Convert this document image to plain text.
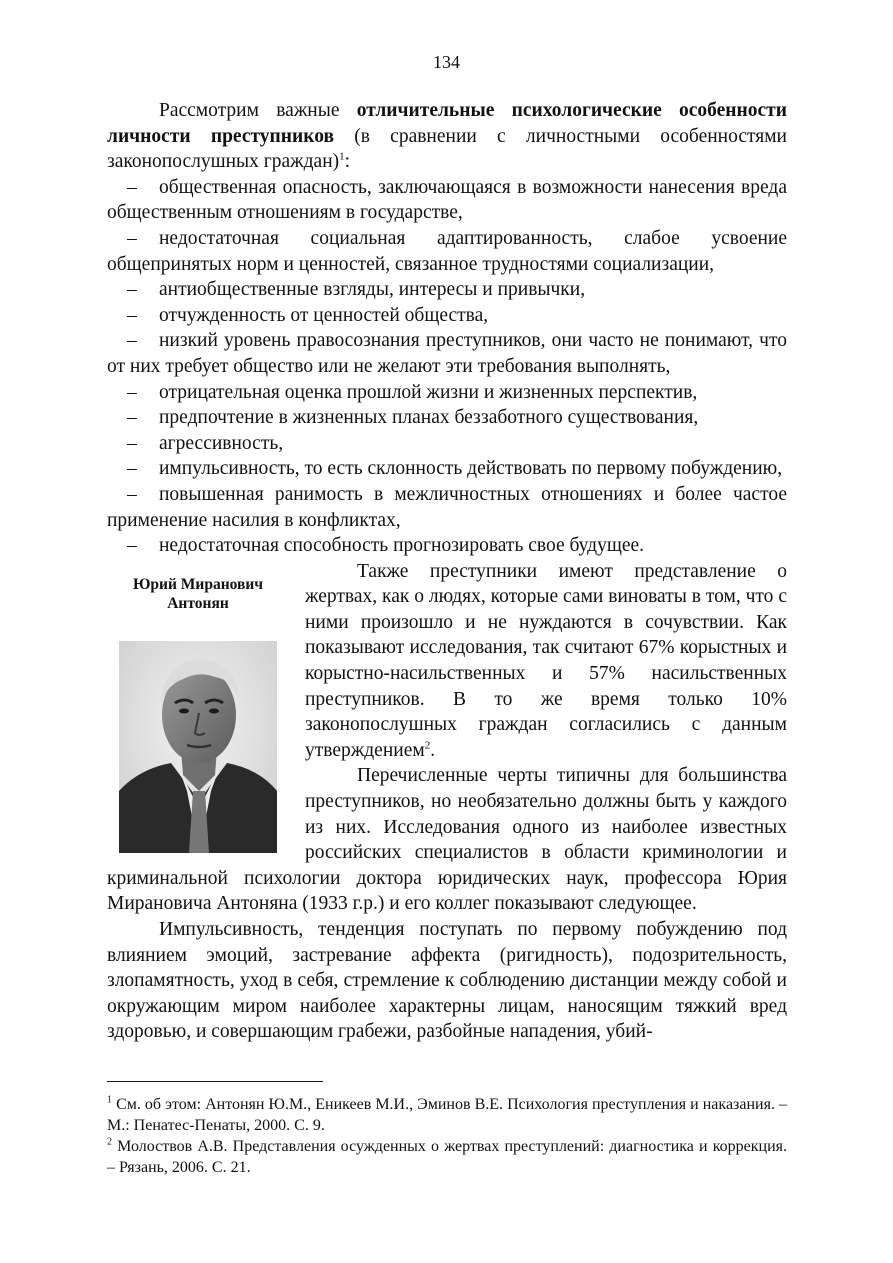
134

Рассмотрим важные отличительные психологические особенности личности преступников (в сравнении с личностными особенностями законопослушных граждан)$^1$:

– общественная опасность, заключающаяся в возможности нанесения вреда общественным отношениям в государстве,

– недостаточная социальная адаптированность, слабое усвоение общепринятых норм и ценностей, связанное трудностями социализации,

– антиобщественные взгляды, интересы и привычки,

– отчужденность от ценностей общества,

– низкий уровень правосознания преступников, они часто не понимают, что от них требует общество или не желают эти требования выполнять,

– отрицательная оценка прошлой жизни и жизненных перспектив,

– предпочтение в жизненных планах беззаботного существования,

– агрессивность,

– импульсивность, то есть склонность действовать по первому побуждению,

– повышенная ранимость в межличностных отношениях и более частое применение насилия в конфликтах,

– недостаточная способность прогнозировать свое будущее.

Юрий Миранович
Антонян

Также преступники имеют представление о жертвах, как о людях, которые сами виноваты в том, что с ними произошло и не нуждаются в сочувствии. Как показывают исследования, так считают 67% корыстных и корыстно-насильственных и 57% насильственных преступников. В то же время только 10% законопослушных граждан согласились с данным утверждением$^2$.

Перечисленные черты типичны для большинства преступников, но необязательно должны быть у каждого из них. Исследования одного из наиболее известных российских специалистов в области криминологии и криминальной психологии доктора юридических наук, профессора Юрия Мирановича Антоняна (1933 г.р.) и его коллег показывают следующее.

Импульсивность, тенденция поступать по первому побуждению под влиянием эмоций, застревание аффекта (ригидность), подозрительность, злопамятность, уход в себя, стремление к соблюдению дистанции между собой и окружающим миром наиболее характерны лицам, наносящим тяжкий вред здоровью, и совершающим грабежи, разбойные нападения, убий-

$^1$ См. об этом: Антонян Ю.М., Еникеев М.И., Эминов В.Е. Психология преступления и наказания. – М.: Пенатес-Пенаты, 2000. С. 9.

$^2$ Молоствов А.В. Представления осужденных о жертвах преступлений: диагностика и коррекция. – Рязань, 2006. С. 21.
